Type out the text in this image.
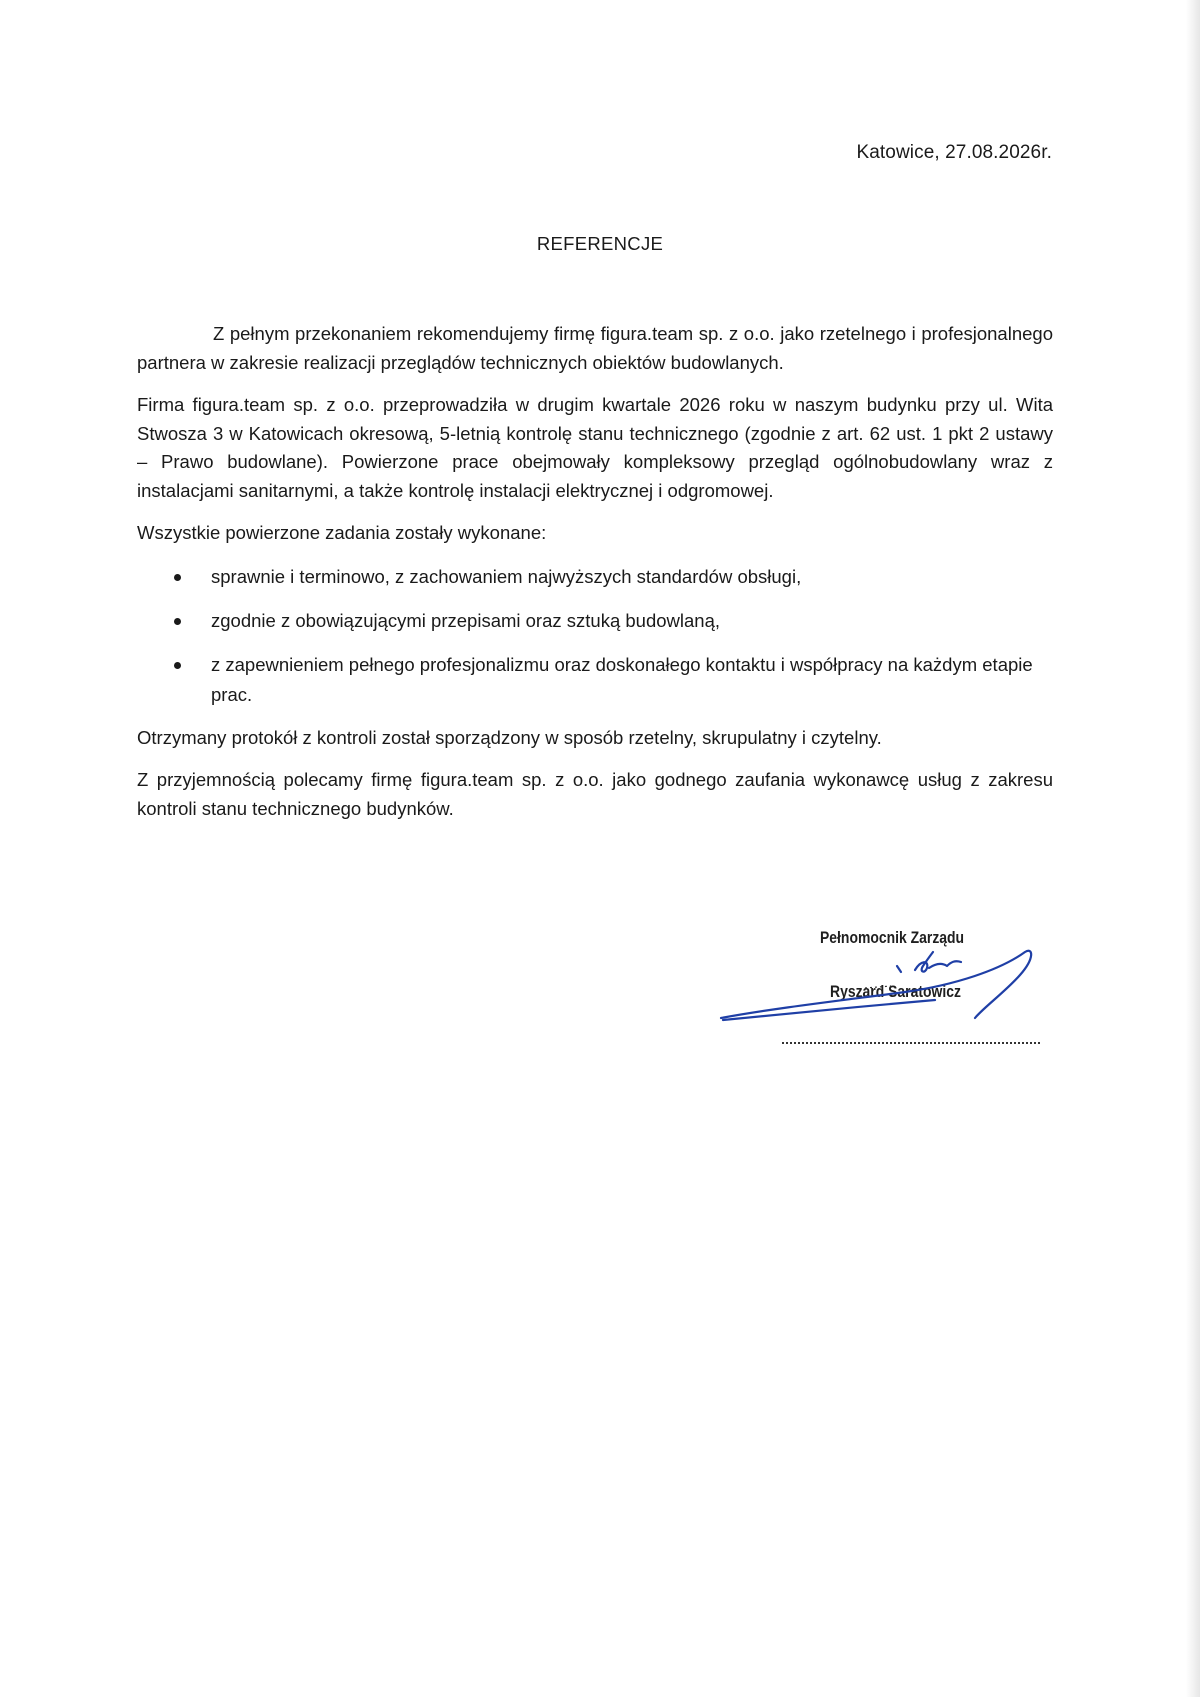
Katowice, 27.08.2026r.
REFERENCJE

Z pełnym przekonaniem rekomendujemy firmę figura.team sp. z o.o. jako rzetelnego i profesjonalnego partnera w zakresie realizacji przeglądów technicznych obiektów budowlanych.

Firma figura.team sp. z o.o. przeprowadziła w drugim kwartale 2026 roku w naszym budynku przy ul. Wita Stwosza 3 w Katowicach okresową, 5-letnią kontrolę stanu technicznego (zgodnie z art. 62 ust. 1 pkt 2 ustawy – Prawo budowlane). Powierzone prace obejmowały kompleksowy przegląd ogólnobudowlany wraz z instalacjami sanitarnymi, a także kontrolę instalacji elektrycznej i odgromowej.

Wszystkie powierzone zadania zostały wykonane:

sprawnie i terminowo, z zachowaniem najwyższych standardów obsługi,
zgodnie z obowiązującymi przepisami oraz sztuką budowlaną,
z zapewnieniem pełnego profesjonalizmu oraz doskonałego kontaktu i współpracy na każdym etapie prac.

Otrzymany protokół z kontroli został sporządzony w sposób rzetelny, skrupulatny i czytelny.

Z przyjemnością polecamy firmę figura.team sp. z o.o. jako godnego zaufania wykonawcę usług z zakresu kontroli stanu technicznego budynków.

Pełnomocnik Zarządu
Ryszard Saratowicz
